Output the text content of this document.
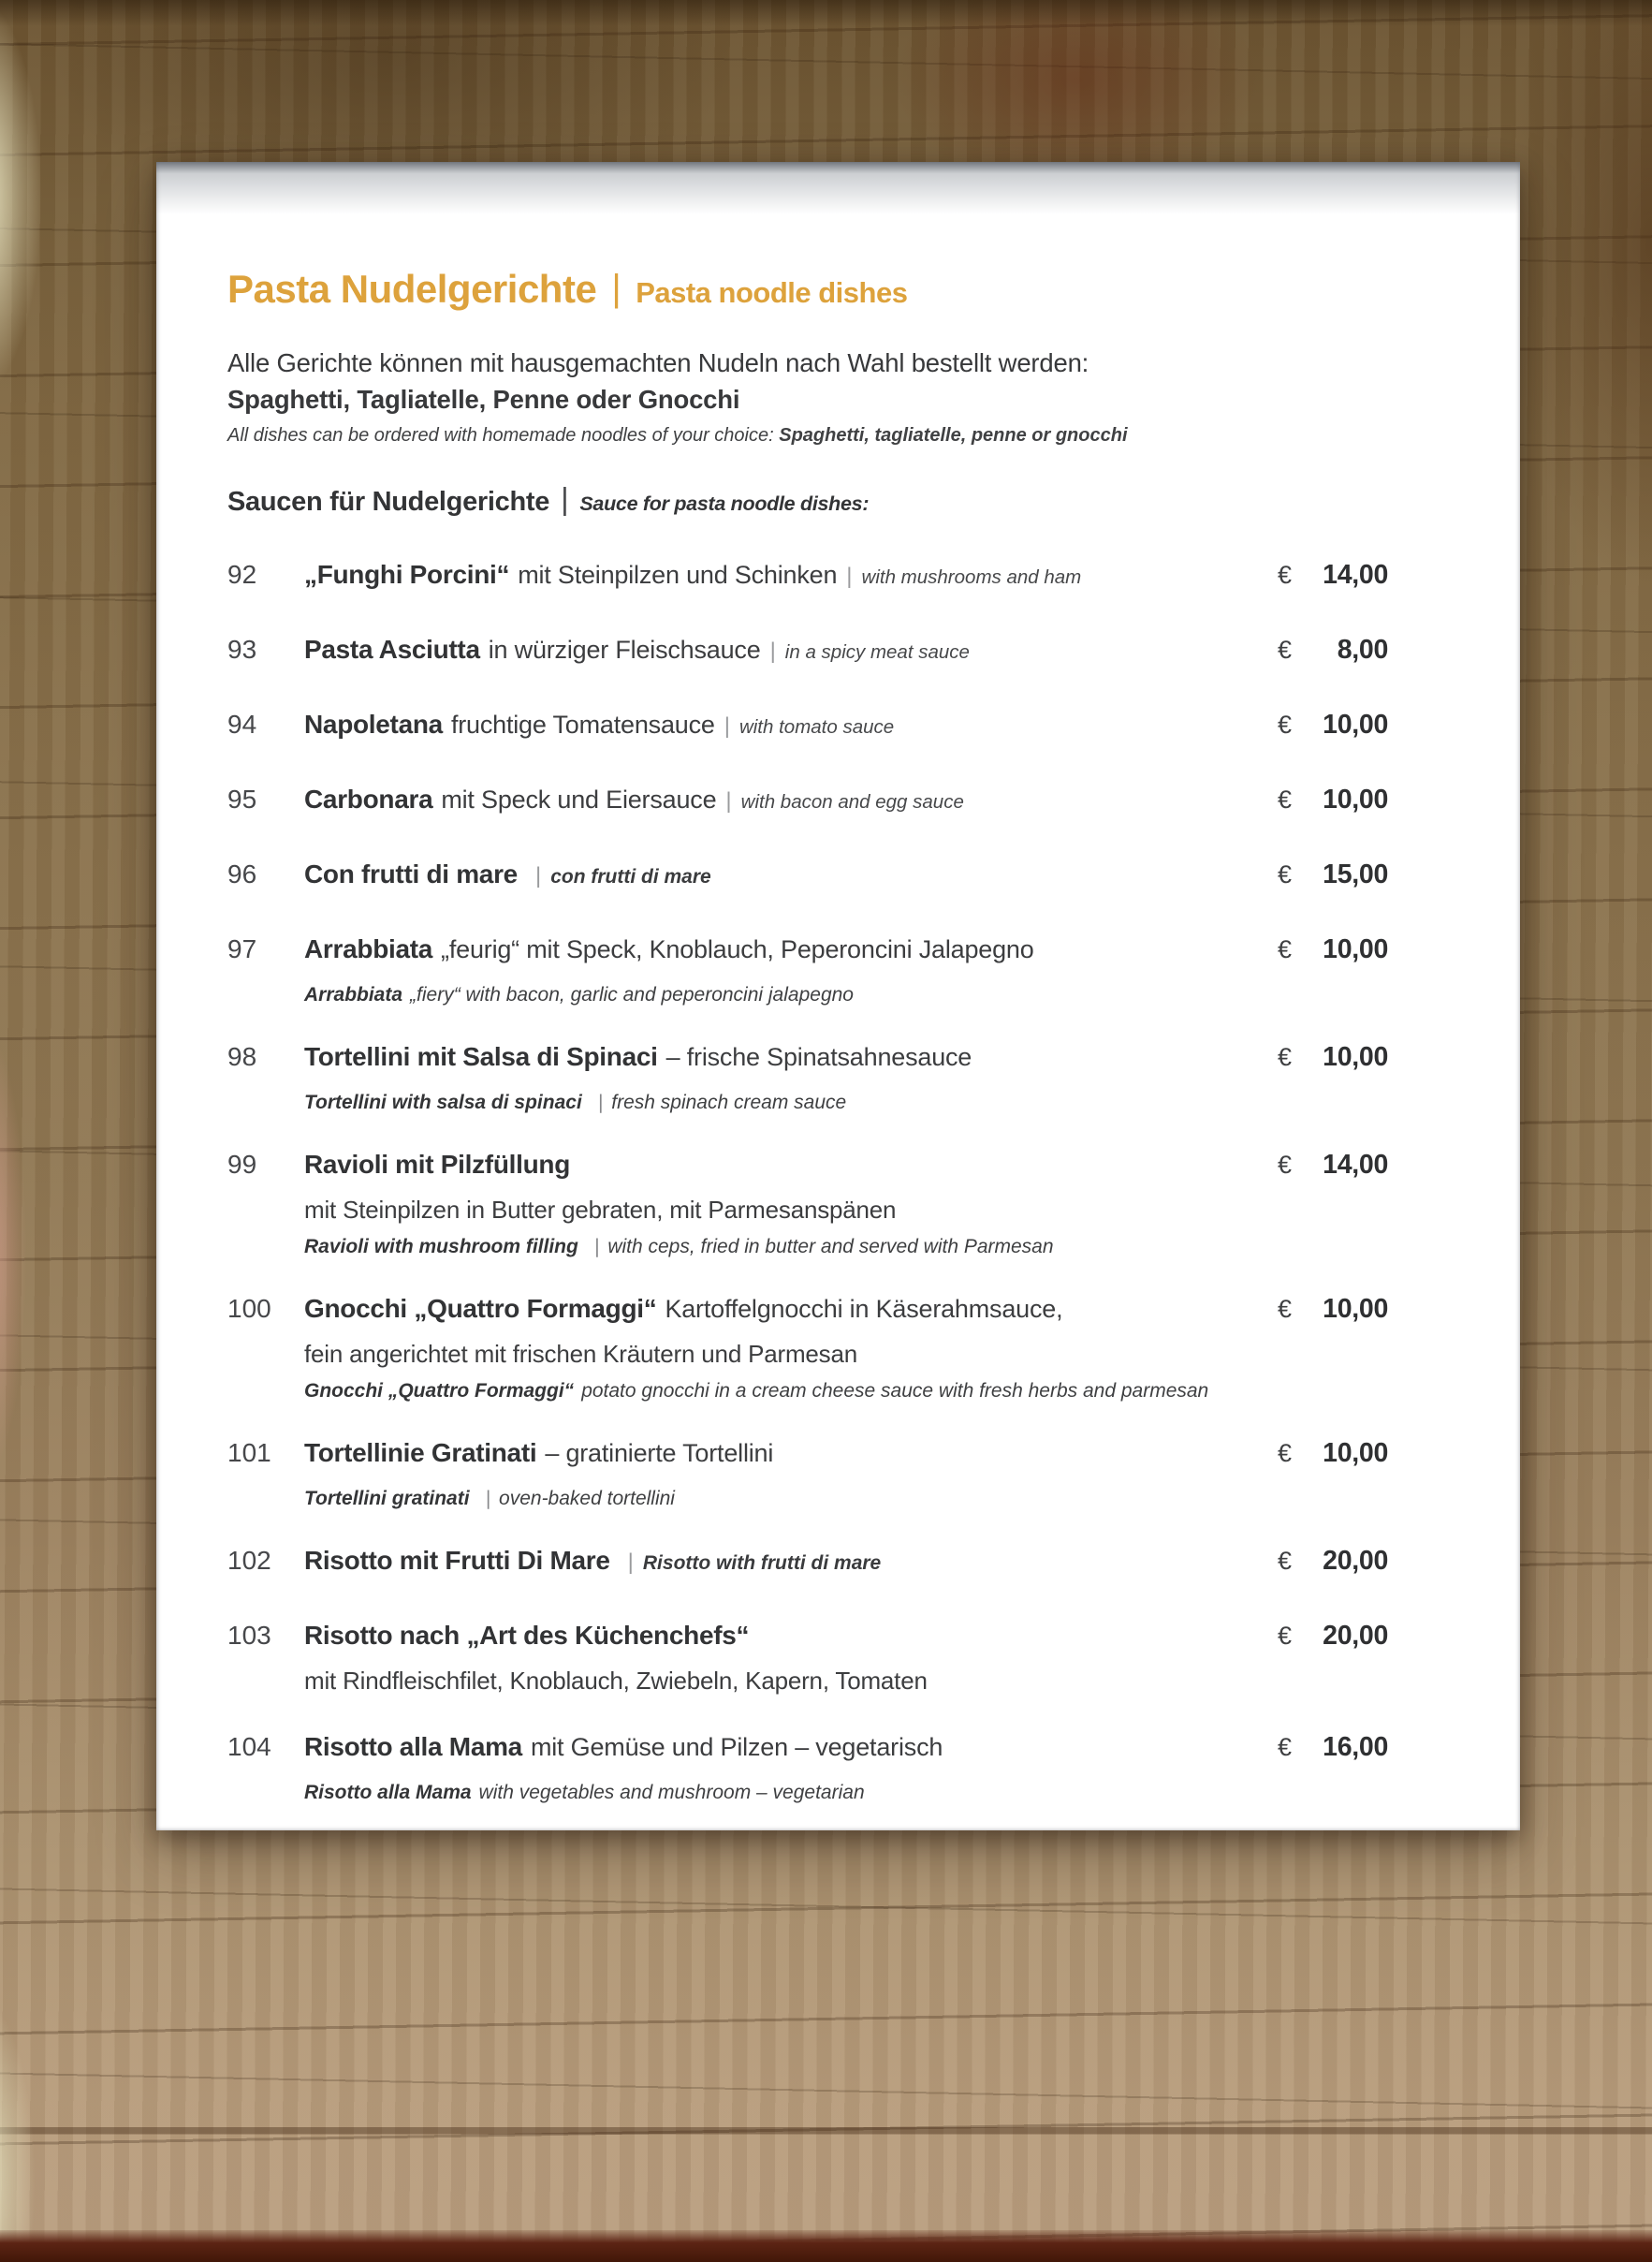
Pasta Nudelgerichte | Pasta noodle dishes

Alle Gerichte können mit hausgemachten Nudeln nach Wahl bestellt werden:
Spaghetti, Tagliatelle, Penne oder Gnocchi

All dishes can be ordered with homemade noodles of your choice: Spaghetti, tagliatelle, penne or gnocchi

Saucen für Nudelgerichte | Sauce for pasta noodle dishes:
92	„Funghi Porcini“ mit Steinpilzen und Schinken | with mushrooms and ham	€ 14,00
93	Pasta Asciutta in würziger Fleischsauce | in a spicy meat sauce	€ 8,00
94	Napoletana fruchtige Tomatensauce | with tomato sauce	€ 10,00
95	Carbonara mit Speck und Eiersauce | with bacon and egg sauce	€ 10,00
96	Con frutti di mare | con frutti di mare	€ 15,00
97	Arrabbiata „feurig“ mit Speck, Knoblauch, Peperoncini Jalapegno
Arrabbiata „fiery“ with bacon, garlic and peperoncini jalapegno
€ 10,00
98	Tortellini mit Salsa di Spinaci – frische Spinatsahnesauce
Tortellini with salsa di spinaci | fresh spinach cream sauce
€ 10,00
99	Ravioli mit Pilzfüllung
mit Steinpilzen in Butter gebraten, mit Parmesanspänen
Ravioli with mushroom filling | with ceps, fried in butter and served with Parmesan
€ 14,00
100	Gnocchi „Quattro Formaggi“ Kartoffelgnocchi in Käserahmsauce,
fein angerichtet mit frischen Kräutern und Parmesan
Gnocchi „Quattro Formaggi“ potato gnocchi in a cream cheese sauce with fresh herbs and parmesan
€ 10,00
101	Tortellinie Gratinati – gratinierte Tortellini
Tortellini gratinati | oven-baked tortellini
€ 10,00
102	Risotto mit Frutti Di Mare | Risotto with frutti di mare	€ 20,00
103	Risotto nach „Art des Küchenchefs“
mit Rindfleischfilet, Knoblauch, Zwiebeln, Kapern, Tomaten
€ 20,00
104	Risotto alla Mama mit Gemüse und Pilzen – vegetarisch
Risotto alla Mama with vegetables and mushroom – vegetarian
€ 16,00
